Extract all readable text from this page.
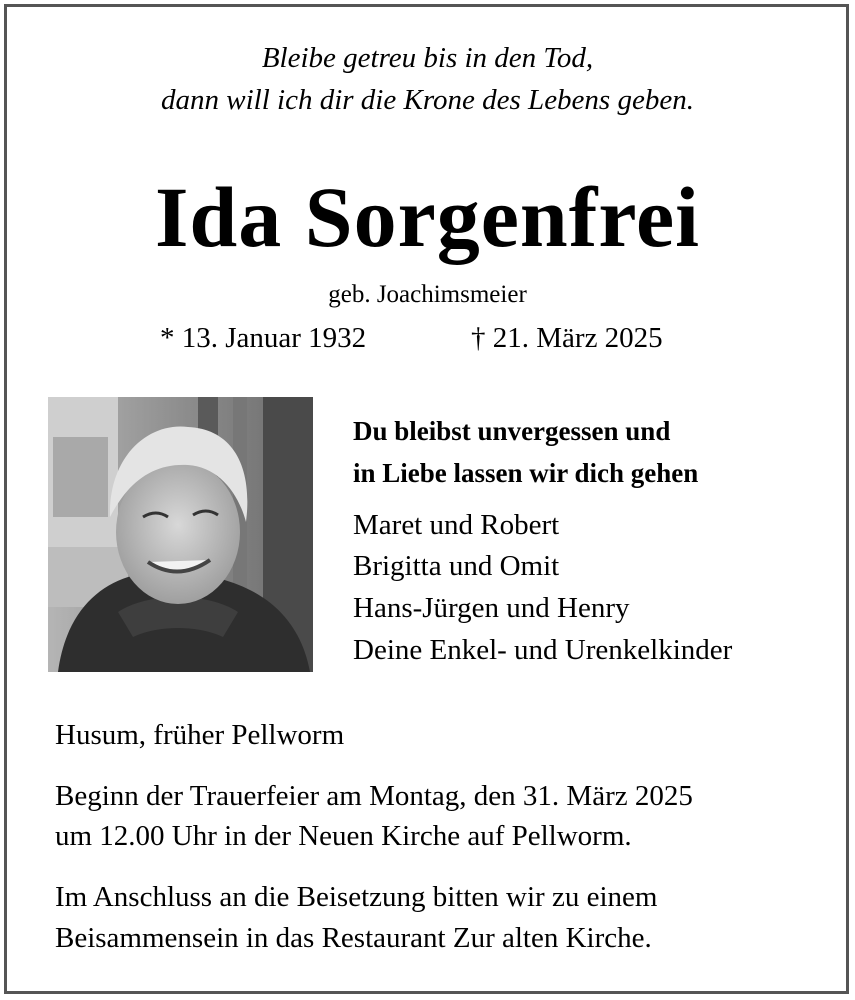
Bleibe getreu bis in den Tod,
dann will ich dir die Krone des Lebens geben.
Ida Sorgenfrei
geb. Joachimsmeier
* 13. Januar 1932	† 21. März 2025
Du bleibst unvergessen und
in Liebe lassen wir dich gehen
Maret und Robert
Brigitta und Omit
Hans-Jürgen und Henry
Deine Enkel- und Urenkelkinder
Husum, früher Pellworm
Beginn der Trauerfeier am Montag, den 31. März 2025
um 12.00 Uhr in der Neuen Kirche auf Pellworm.
Im Anschluss an die Beisetzung bitten wir zu einem
Beisammensein in das Restaurant Zur alten Kirche.
